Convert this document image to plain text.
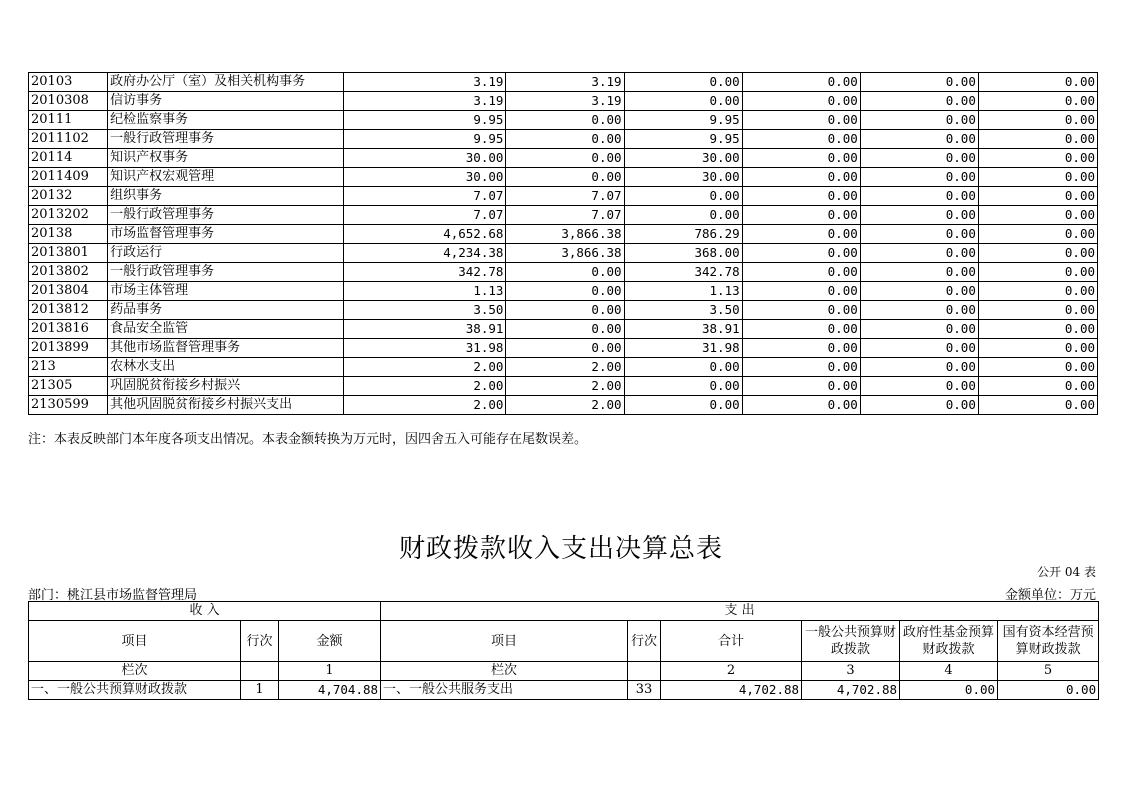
20103	政府办公厅（室）及相关机构事务	3.19	3.19	0.00	0.00	0.00	0.00
2010308	信访事务	3.19	3.19	0.00	0.00	0.00	0.00
20111	纪检监察事务	9.95	0.00	9.95	0.00	0.00	0.00
2011102	一般行政管理事务	9.95	0.00	9.95	0.00	0.00	0.00
20114	知识产权事务	30.00	0.00	30.00	0.00	0.00	0.00
2011409	知识产权宏观管理	30.00	0.00	30.00	0.00	0.00	0.00
20132	组织事务	7.07	7.07	0.00	0.00	0.00	0.00
2013202	一般行政管理事务	7.07	7.07	0.00	0.00	0.00	0.00
20138	市场监督管理事务	4,652.68	3,866.38	786.29	0.00	0.00	0.00
2013801	行政运行	4,234.38	3,866.38	368.00	0.00	0.00	0.00
2013802	一般行政管理事务	342.78	0.00	342.78	0.00	0.00	0.00
2013804	市场主体管理	1.13	0.00	1.13	0.00	0.00	0.00
2013812	药品事务	3.50	0.00	3.50	0.00	0.00	0.00
2013816	食品安全监管	38.91	0.00	38.91	0.00	0.00	0.00
2013899	其他市场监督管理事务	31.98	0.00	31.98	0.00	0.00	0.00
213	农林水支出	2.00	2.00	0.00	0.00	0.00	0.00
21305	巩固脱贫衔接乡村振兴	2.00	2.00	0.00	0.00	0.00	0.00
2130599	其他巩固脱贫衔接乡村振兴支出	2.00	2.00	0.00	0.00	0.00	0.00
注：本表反映部门本年度各项支出情况。本表金额转换为万元时，因四舍五入可能存在尾数误差。
财政拨款收入支出决算总表
公开 04 表
部门：桃江县市场监督管理局	金额单位：万元
收 入			支 出					
项目	行次	金额	项目	行次	合计	一般公共预算财政拨款	政府性基金预算财政拨款	国有资本经营预算财政拨款
栏次		1	栏次		2	3	4	5
一、一般公共预算财政拨款	1	4,704.88	一、一般公共服务支出	33	4,702.88	4,702.88	0.00	0.00
